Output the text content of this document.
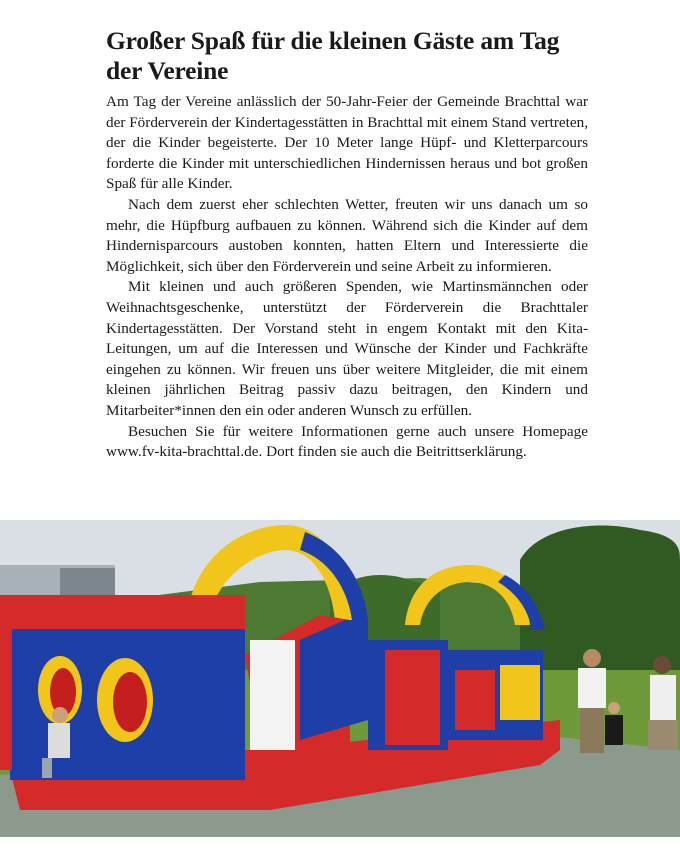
Großer Spaß für die kleinen Gäste am Tag der Vereine

Am Tag der Vereine anlässlich der 50-Jahr-Feier der Gemeinde Brachttal war der Förderverein der Kindertagesstätten in Brachttal mit einem Stand vertreten, der die Kinder begeisterte. Der 10 Meter lange Hüpf- und Kletterparcours forderte die Kinder mit unterschiedlichen Hindernissen heraus und bot großen Spaß für alle Kinder.

Nach dem zuerst eher schlechten Wetter, freuten wir uns danach um so mehr, die Hüpfburg aufbauen zu können. Während sich die Kinder auf dem Hindernisparcours austoben konnten, hatten Eltern und Interessierte die Möglichkeit, sich über den Förderverein und seine Arbeit zu informieren.

Mit kleinen und auch größeren Spenden, wie Martinsmännchen oder Weihnachtsgeschenke, unterstützt der Förderverein die Brachttaler Kindertagesstätten. Der Vorstand steht in engem Kontakt mit den Kita-Leitungen, um auf die Interessen und Wünsche der Kinder und Fachkräfte eingehen zu können. Wir freuen uns über weitere Mitgleider, die mit einem kleinen jährlichen Beitrag passiv dazu beitragen, den Kindern und Mitarbeiter*innen den ein oder anderen Wunsch zu erfüllen.

Besuchen Sie für weitere Informationen gerne auch unsere Homepage www.fv-kita-brachttal.de. Dort finden sie auch die Beitrittserklärung.
